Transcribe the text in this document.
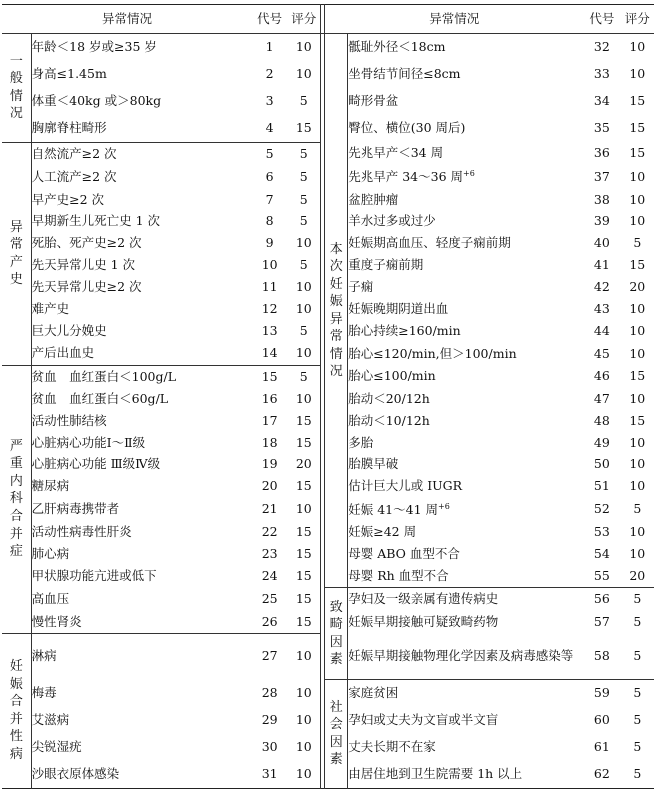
异常情况		代号	评分		异常情况		代号	评分
一般情况	年龄＜18 岁或≥35 岁	1	10		本次妊娠异常情况	骶耻外径＜18cm	32	10
	身高≤1.45m	2	10			坐骨结节间径≤8cm	33	10
	体重＜40kg 或＞80kg	3	5			畸形骨盆	34	15
	胸廓脊柱畸形	4	15			臀位、横位(30 周后)	35	15
异常产史	自然流产≥2 次	5	5			先兆早产＜34 周	36	15
	人工流产≥2 次	6	5			先兆早产 34～36 周$^{+6}$	37	10
	早产史≥2 次	7	5			盆腔肿瘤	38	10
	早期新生儿死亡史 1 次	8	5			羊水过多或过少	39	10
	死胎、死产史≥2 次	9	10			妊娠期高血压、轻度子痫前期	40	5
	先天异常儿史 1 次	10	5			重度子痫前期	41	15
	先天异常儿史≥2 次	11	10			子痫	42	20
	难产史	12	10			妊娠晚期阴道出血	43	10
	巨大儿分娩史	13	5			胎心持续≥160/min	44	10
	产后出血史	14	10			胎心≤120/min,但＞100/min	45	10
严重内科合并症	贫血　血红蛋白＜100g/L	15	5			胎心≤100/min	46	15
	贫血　血红蛋白＜60g/L	16	10			胎动＜20/12h	47	10
	活动性肺结核	17	15			胎动＜10/12h	48	15
	心脏病心功能Ⅰ～Ⅱ级	18	15			多胎	49	10
	心脏病心功能 Ⅲ级Ⅳ级	19	20			胎膜早破	50	10
	糖尿病	20	15			估计巨大儿或 IUGR	51	10
	乙肝病毒携带者	21	10			妊娠 41～41 周$^{+6}$	52	5
	活动性病毒性肝炎	22	15			妊娠≥42 周	53	10
	肺心病	23	15			母婴 ABO 血型不合	54	10
	甲状腺功能亢进或低下	24	15			母婴 Rh 血型不合	55	20
	高血压	25	15		致畸因素	孕妇及一级亲属有遗传病史	56	5
	慢性肾炎	26	15			妊娠早期接触可疑致畸药物	57	5
妊娠合并性病	淋病	27	10			妊娠早期接触物理化学因素及病毒感染等	58	5
	梅毒	28	10		社会因素	家庭贫困	59	5
	艾滋病	29	10			孕妇或丈夫为文盲或半文盲	60	5
	尖锐湿疣	30	10			丈夫长期不在家	61	5
	沙眼衣原体感染	31	10			由居住地到卫生院需要 1h 以上	62	5
